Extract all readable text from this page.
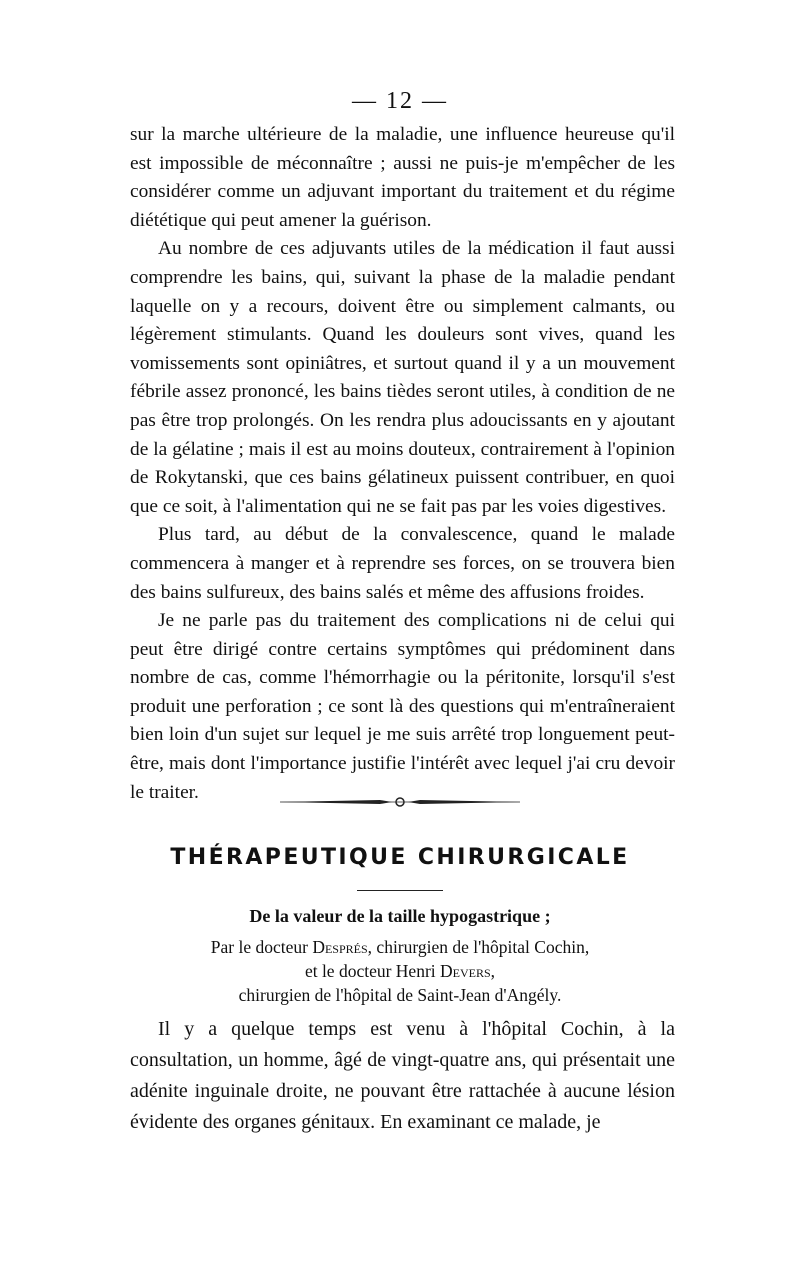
— 12 —

sur la marche ultérieure de la maladie, une influence heureuse qu'il est impossible de méconnaître ; aussi ne puis-je m'empêcher de les considérer comme un adjuvant important du traitement et du régime diététique qui peut amener la guérison.

Au nombre de ces adjuvants utiles de la médication il faut aussi comprendre les bains, qui, suivant la phase de la maladie pendant laquelle on y a recours, doivent être ou simplement calmants, ou légèrement stimulants. Quand les douleurs sont vives, quand les vomissements sont opiniâtres, et surtout quand il y a un mouvement fébrile assez prononcé, les bains tièdes seront utiles, à condition de ne pas être trop prolongés. On les rendra plus adoucissants en y ajoutant de la gélatine ; mais il est au moins douteux, contrairement à l'opinion de Rokytanski, que ces bains gélatineux puissent contribuer, en quoi que ce soit, à l'alimentation qui ne se fait pas par les voies digestives.

Plus tard, au début de la convalescence, quand le malade commencera à manger et à reprendre ses forces, on se trouvera bien des bains sulfureux, des bains salés et même des affusions froides.

Je ne parle pas du traitement des complications ni de celui qui peut être dirigé contre certains symptômes qui prédominent dans nombre de cas, comme l'hémorrhagie ou la péritonite, lorsqu'il s'est produit une perforation ; ce sont là des questions qui m'entraîneraient bien loin d'un sujet sur lequel je me suis arrêté trop longuement peut-être, mais dont l'importance justifie l'intérêt avec lequel j'ai cru devoir le traiter.

THÉRAPEUTIQUE CHIRURGICALE
De la valeur de la taille hypogastrique ;
Par le docteur Després, chirurgien de l'hôpital Cochin,
et le docteur Henri Devers,
chirurgien de l'hôpital de Saint-Jean d'Angély.

Il y a quelque temps est venu à l'hôpital Cochin, à la consultation, un homme, âgé de vingt-quatre ans, qui présentait une adénite inguinale droite, ne pouvant être rattachée à aucune lésion évidente des organes génitaux. En examinant ce malade, je
